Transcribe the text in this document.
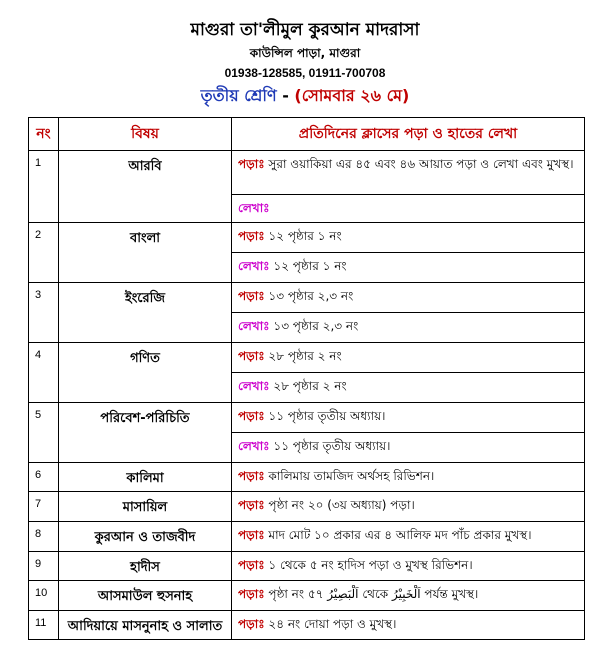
মাগুরা তা'লীমুল কুরআন মাদরাসা
কাউন্সিল পাড়া, মাগুরা
01938-128585, 01911-700708
তৃতীয় শ্রেণি - (সোমবার ২৬ মে)
নং	বিষয়	প্রতিদিনের ক্লাসের পড়া ও হাতের লেখা
1	আরবি	পড়াঃ সুরা ওয়াকিয়া এর ৪৫ এবং ৪৬ আয়াত পড়া ও লেখা এবং মুখস্থ।
		লেখাঃ
2	বাংলা	পড়াঃ ১২ পৃষ্ঠার ১ নং
		লেখাঃ ১২ পৃষ্ঠার ১ নং
3	ইংরেজি	পড়াঃ ১৩ পৃষ্ঠার ২,৩ নং
		লেখাঃ ১৩ পৃষ্ঠার ২,৩ নং
4	গণিত	পড়াঃ ২৮ পৃষ্ঠার ২ নং
		লেখাঃ ২৮ পৃষ্ঠার ২ নং
5	পরিবেশ-পরিচিতি	পড়াঃ ১১ পৃষ্ঠার তৃতীয় অধ্যায়।
		লেখাঃ ১১ পৃষ্ঠার তৃতীয় অধ্যায়।
6	কালিমা	পড়াঃ কালিমায় তামজিদ অর্থসহ রিভিশন।
7	মাসায়িল	পড়াঃ পৃষ্ঠা নং ২০ (৩য় অধ্যায়) পড়া।
8	কুরআন ও তাজবীদ	পড়াঃ মাদ মোট ১০ প্রকার এর ৪ আলিফ মদ পাঁচ প্রকার মুখস্থ।
9	হাদীস	পড়াঃ ১ থেকে ৫ নং হাদিস পড়া ও মুখস্থ রিভিশন।
10	আসমাউল হুসনাহ	পড়াঃ পৃষ্ঠা নং ৫৭ اَلْبَصِيْرُ থেকে اَلْخَبِيْرُ পর্যন্ত মুখস্থ।
11	আদিয়ায়ে মাসনুনাহ ও সালাত	পড়াঃ ২৪ নং দোয়া পড়া ও মুখস্থ।
